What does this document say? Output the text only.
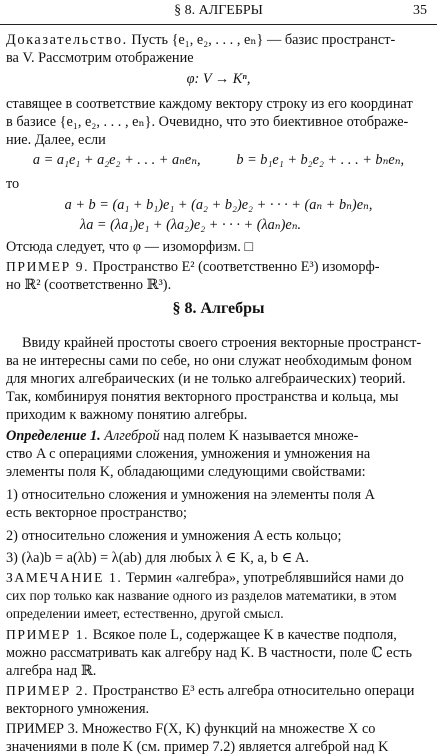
§ 8. АЛГЕБРЫ	35
Доказательство. Пусть {e₁, e₂, . . . , eₙ} — базис пространст-
ва V. Рассмотрим отображение
φ: V → Kⁿ,
ставящее в соответствие каждому вектору строку из его координат
в базисе {e₁, e₂, . . . , eₙ}. Очевидно, что это биективное отображе-
ние. Далее, если
a = a₁e₁ + a₂e₂ + . . . + aₙeₙ,          b = b₁e₁ + b₂e₂ + . . . + bₙeₙ,
то
a + b = (a₁ + b₁)e₁ + (a₂ + b₂)e₂ + · · · + (aₙ + bₙ)eₙ,
λa = (λa₁)e₁ + (λa₂)e₂ + · · · + (λaₙ)eₙ.
Отсюда следует, что φ — изоморфизм. □
ПРИМЕР 9. Пространство E² (соответственно E³) изоморф-
но ℝ² (соответственно ℝ³).
§ 8. Алгебры
Ввиду крайней простоты своего строения векторные пространст-
ва не интересны сами по себе, но они служат необходимым фоном
для многих алгебраических (и не только алгебраических) теорий.
Так, комбинируя понятия векторного пространства и кольца, мы
приходим к важному понятию алгебры.
Определение 1. Алгеброй над полем K называется множе-
ство A с операциями сложения, умножения и умножения на
элементы поля K, обладающими следующими свойствами:
1) относительно сложения и умножения на элементы поля A
есть векторное пространство;
2) относительно сложения и умножения A есть кольцо;
3) (λa)b = a(λb) = λ(ab) для любых λ ∈ K, a, b ∈ A.
ЗАМЕЧАНИЕ 1. Термин «алгебра», употреблявшийся нами до
сих пор только как название одного из разделов математики, в этом
определении имеет, естественно, другой смысл.
ПРИМЕР 1. Всякое поле L, содержащее K в качестве подполя,
можно рассматривать как алгебру над K. В частности, поле ℂ есть
алгебра над ℝ.
ПРИМЕР 2. Пространство E³ есть алгебра относительно операци
векторного умножения.
ПРИМЕР 3. Множество F(X, K) функций на множестве X со
значениями в поле K (см. пример 7.2) является алгеброй над K
